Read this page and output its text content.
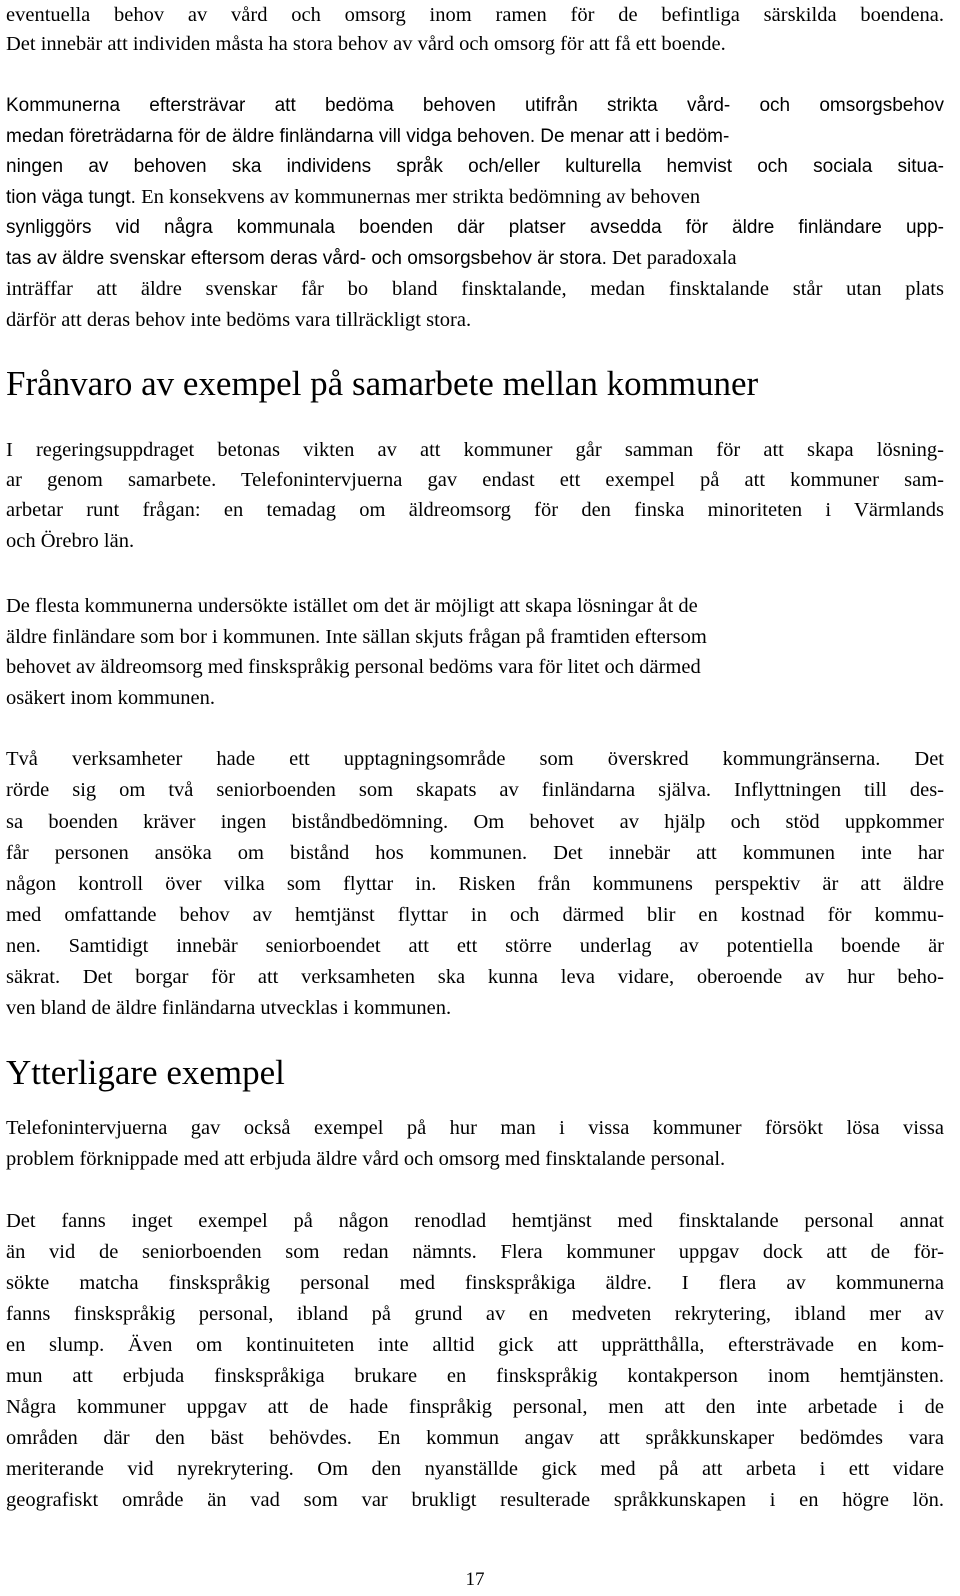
eventuella behov av vård och omsorg inom ramen för de befintliga särskilda boendena.
Det innebär att individen måsta ha stora behov av vård och omsorg för att få ett boende.
Kommunerna eftersträvar att bedöma behoven utifrån strikta vård- och omsorgsbehov
medan företrädarna för de äldre finländarna vill vidga behoven. De menar att i bedöm-
ningen av behoven ska individens språk och/eller kulturella hemvist och sociala situa-
tion väga tungt. En konsekvens av kommunernas mer strikta bedömning av behoven
synliggörs vid några kommunala boenden där platser avsedda för äldre finländare upp-
tas av äldre svenskar eftersom deras vård- och omsorgsbehov är stora. Det paradoxala
inträffar att äldre svenskar får bo bland finsktalande, medan finsktalande står utan plats
därför att deras behov inte bedöms vara tillräckligt stora.
Frånvaro av exempel på samarbete mellan kommuner
I regeringsuppdraget betonas vikten av att kommuner går samman för att skapa lösning-
ar genom samarbete. Telefonintervjuerna gav endast ett exempel på att kommuner sam-
arbetar runt frågan: en temadag om äldreomsorg för den finska minoriteten i Värmlands
och Örebro län.
De flesta kommunerna undersökte istället om det är möjligt att skapa lösningar åt de
äldre finländare som bor i kommunen. Inte sällan skjuts frågan på framtiden eftersom
behovet av äldreomsorg med finskspråkig personal bedöms vara för litet och därmed
osäkert inom kommunen.
Två verksamheter hade ett upptagningsområde som överskred kommungränserna. Det
rörde sig om två seniorboenden som skapats av finländarna själva. Inflyttningen till des-
sa boenden kräver ingen biståndbedömning. Om behovet av hjälp och stöd uppkommer
får personen ansöka om bistånd hos kommunen. Det innebär att kommunen inte har
någon kontroll över vilka som flyttar in. Risken från kommunens perspektiv är att äldre
med omfattande behov av hemtjänst flyttar in och därmed blir en kostnad för kommu-
nen. Samtidigt innebär seniorboendet att ett större underlag av potentiella boende är
säkrat. Det borgar för att verksamheten ska kunna leva vidare, oberoende av hur beho-
ven bland de äldre finländarna utvecklas i kommunen.
Ytterligare exempel
Telefonintervjuerna gav också exempel på hur man i vissa kommuner försökt lösa vissa
problem förknippade med att erbjuda äldre vård och omsorg med finsktalande personal.
Det fanns inget exempel på någon renodlad hemtjänst med finsktalande personal annat
än vid de seniorboenden som redan nämnts. Flera kommuner uppgav dock att de för-
sökte matcha finskspråkig personal med finskspråkiga äldre. I flera av kommunerna
fanns finskspråkig personal, ibland på grund av en medveten rekrytering, ibland mer av
en slump. Även om kontinuiteten inte alltid gick att upprätthålla, eftersträvade en kom-
mun att erbjuda finskspråkiga brukare en finskspråkig kontakperson inom hemtjänsten.
Några kommuner uppgav att de hade finspråkig personal, men att den inte arbetade i de
områden där den bäst behövdes. En kommun angav att språkkunskaper bedömdes vara
meriterande vid nyrekrytering. Om den nyanställde gick med på att arbeta i ett vidare
geografiskt område än vad som var brukligt resulterade språkkunskapen i en högre lön.
17
